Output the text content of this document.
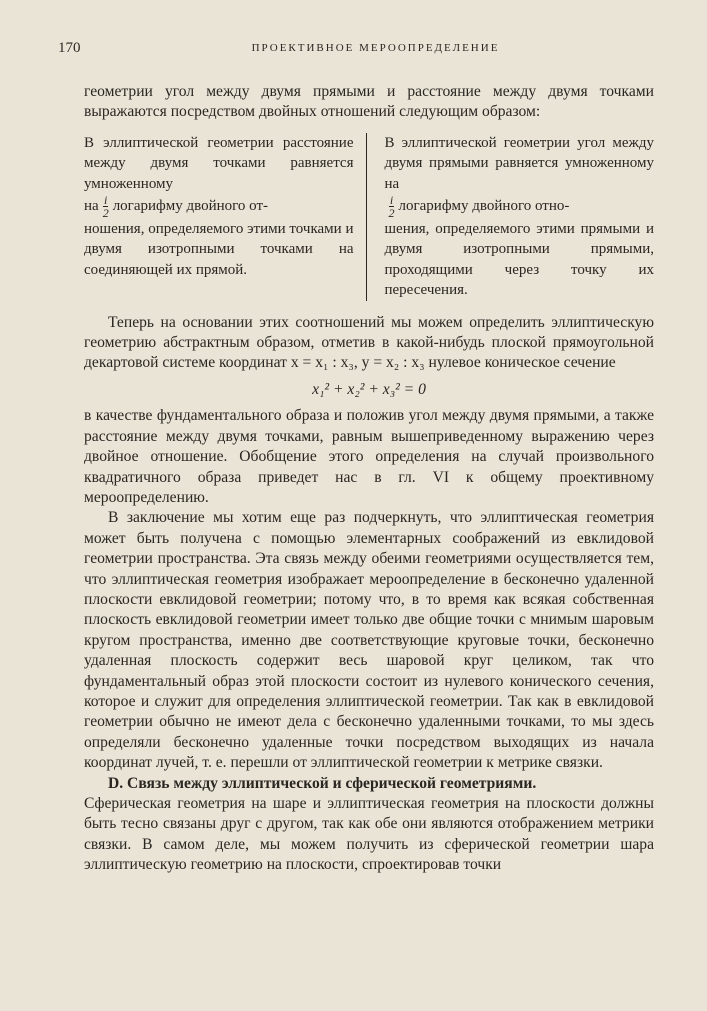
170	ПРОЕКТИВНОЕ МЕРООПРЕДЕЛЕНИЕ

геометрии угол между двумя прямыми и расстояние между двумя точками выражаются посредством двойных отношений следующим образом:

В эллиптической геометрии расстояние между двумя точками равняется умноженному
на $\frac{i}{2}$ логарифму двойного от-
ношения, определяемого этими точками и двумя изотропными точками на соединяющей их прямой.
В эллиптической геометрии угол между двумя прямыми равняется умноженному на
$\frac{i}{2}$ логарифму двойного отно-
шения, определяемого этими прямыми и двумя изотропными прямыми, проходящими через точку их пересечения.

Теперь на основании этих соотношений мы можем определить эллиптическую геометрию абстрактным образом, отметив в какой-нибудь плоской прямоугольной декартовой системе координат x = x₁ : x₃, y = x₂ : x₃ нулевое коническое сечение

x₁² + x₂² + x₃² = 0

в качестве фундаментального образа и положив угол между двумя прямыми, а также расстояние между двумя точками, равным вышеприведенному выражению через двойное отношение. Обобщение этого определения на случай произвольного квадратичного образа приведет нас в гл. VI к общему проективному мероопределению.

В заключение мы хотим еще раз подчеркнуть, что эллиптическая геометрия может быть получена с помощью элементарных соображений из евклидовой геометрии пространства. Эта связь между обеими геометриями осуществляется тем, что эллиптическая геометрия изображает мероопределение в бесконечно удаленной плоскости евклидовой геометрии; потому что, в то время как всякая собственная плоскость евклидовой геометрии имеет только две общие точки с мнимым шаровым кругом пространства, именно две соответствующие круговые точки, бесконечно удаленная плоскость содержит весь шаровой круг целиком, так что фундаментальный образ этой плоскости состоит из нулевого конического сечения, которое и служит для определения эллиптической геометрии. Так как в евклидовой геометрии обычно не имеют дела с бесконечно удаленными точками, то мы здесь определяли бесконечно удаленные точки посредством выходящих из начала координат лучей, т. е. перешли от эллиптической геометрии к метрике связки.

D. Связь между эллиптической и сферической геометриями.

Сферическая геометрия на шаре и эллиптическая геометрия на плоскости должны быть тесно связаны друг с другом, так как обе они являются отображением метрики связки. В самом деле, мы можем получить из сферической геометрии шара эллиптическую геометрию на плоскости, спроектировав точки
